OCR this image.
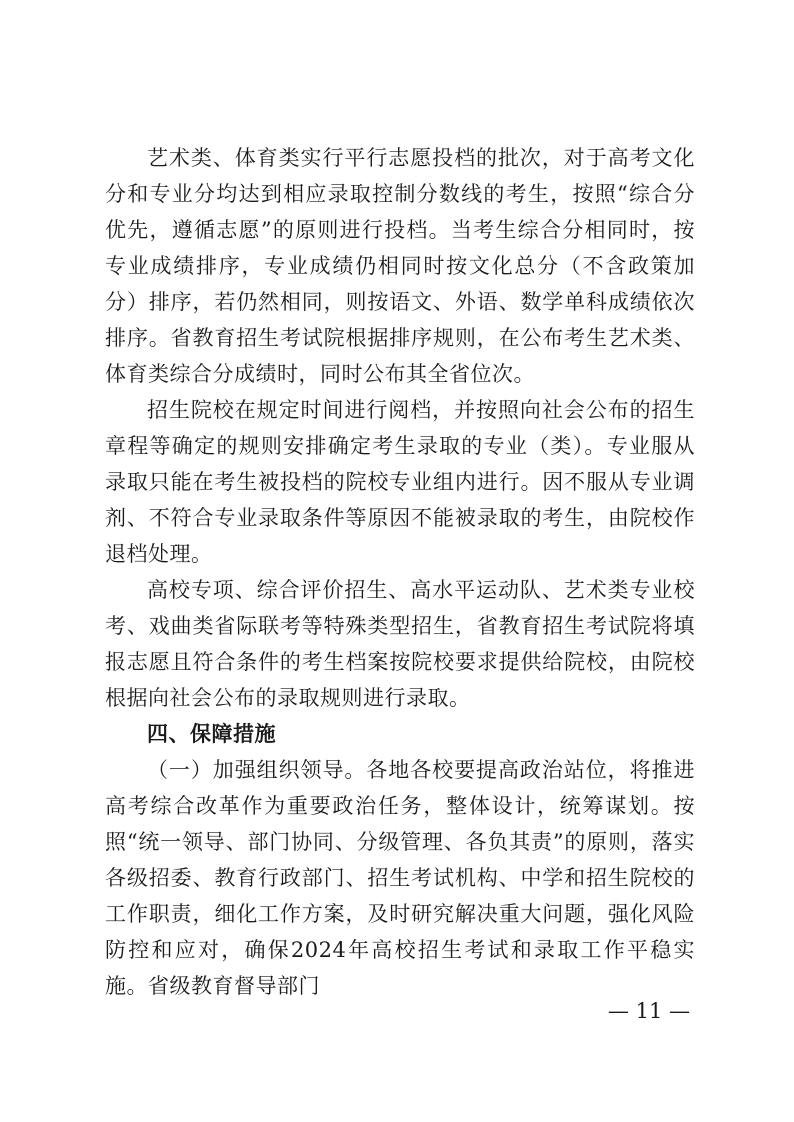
艺术类、体育类实行平行志愿投档的批次，对于高考文化分和专业分均达到相应录取控制分数线的考生，按照“综合分优先，遵循志愿”的原则进行投档。当考生综合分相同时，按专业成绩排序，专业成绩仍相同时按文化总分（不含政策加分）排序，若仍然相同，则按语文、外语、数学单科成绩依次排序。省教育招生考试院根据排序规则，在公布考生艺术类、体育类综合分成绩时，同时公布其全省位次。

招生院校在规定时间进行阅档，并按照向社会公布的招生章程等确定的规则安排确定考生录取的专业（类）。专业服从录取只能在考生被投档的院校专业组内进行。因不服从专业调剂、不符合专业录取条件等原因不能被录取的考生，由院校作退档处理。

高校专项、综合评价招生、高水平运动队、艺术类专业校考、戏曲类省际联考等特殊类型招生，省教育招生考试院将填报志愿且符合条件的考生档案按院校要求提供给院校，由院校根据向社会公布的录取规则进行录取。

四、保障措施

（一）加强组织领导。各地各校要提高政治站位，将推进高考综合改革作为重要政治任务，整体设计，统筹谋划。按照“统一领导、部门协同、分级管理、各负其责”的原则，落实各级招委、教育行政部门、招生考试机构、中学和招生院校的工作职责，细化工作方案，及时研究解决重大问题，强化风险防控和应对，确保2024年高校招生考试和录取工作平稳实施。省级教育督导部门

— 11 —
